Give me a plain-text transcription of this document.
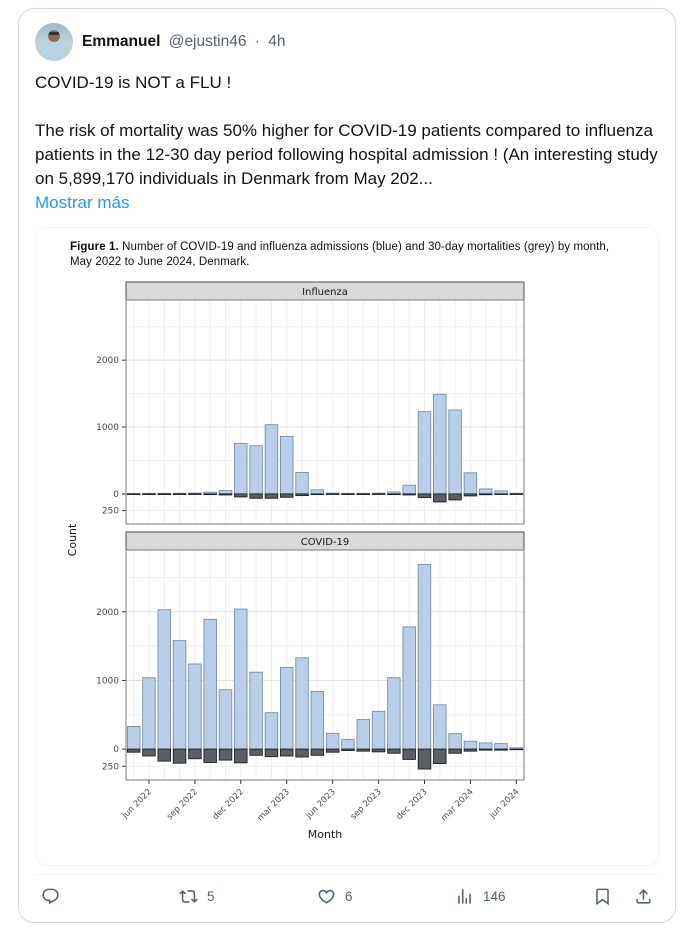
Emmanuel @ejustin46 · 4h
COVID-19 is NOT a FLU !
The risk of mortality was 50% higher for COVID-19 patients compared to influenza patients in the 12-30 day period following hospital admission ! (An interesting study on 5,899,170 individuals in Denmark from May 202...
Mostrar más

Figure 1. Number of COVID-19 and influenza admissions (blue) and 30-day mortalities (grey) by month, May 2022 to June 2024, Denmark.

0
1000
2000
250
Influenza
0
1000
2000
250
COVID-19
jun 2022 sep 2022 dec 2022 mar 2023 jun 2023 sep 2023 dec 2023 mar 2024 jun 2024
Month
Count
5	6	146
